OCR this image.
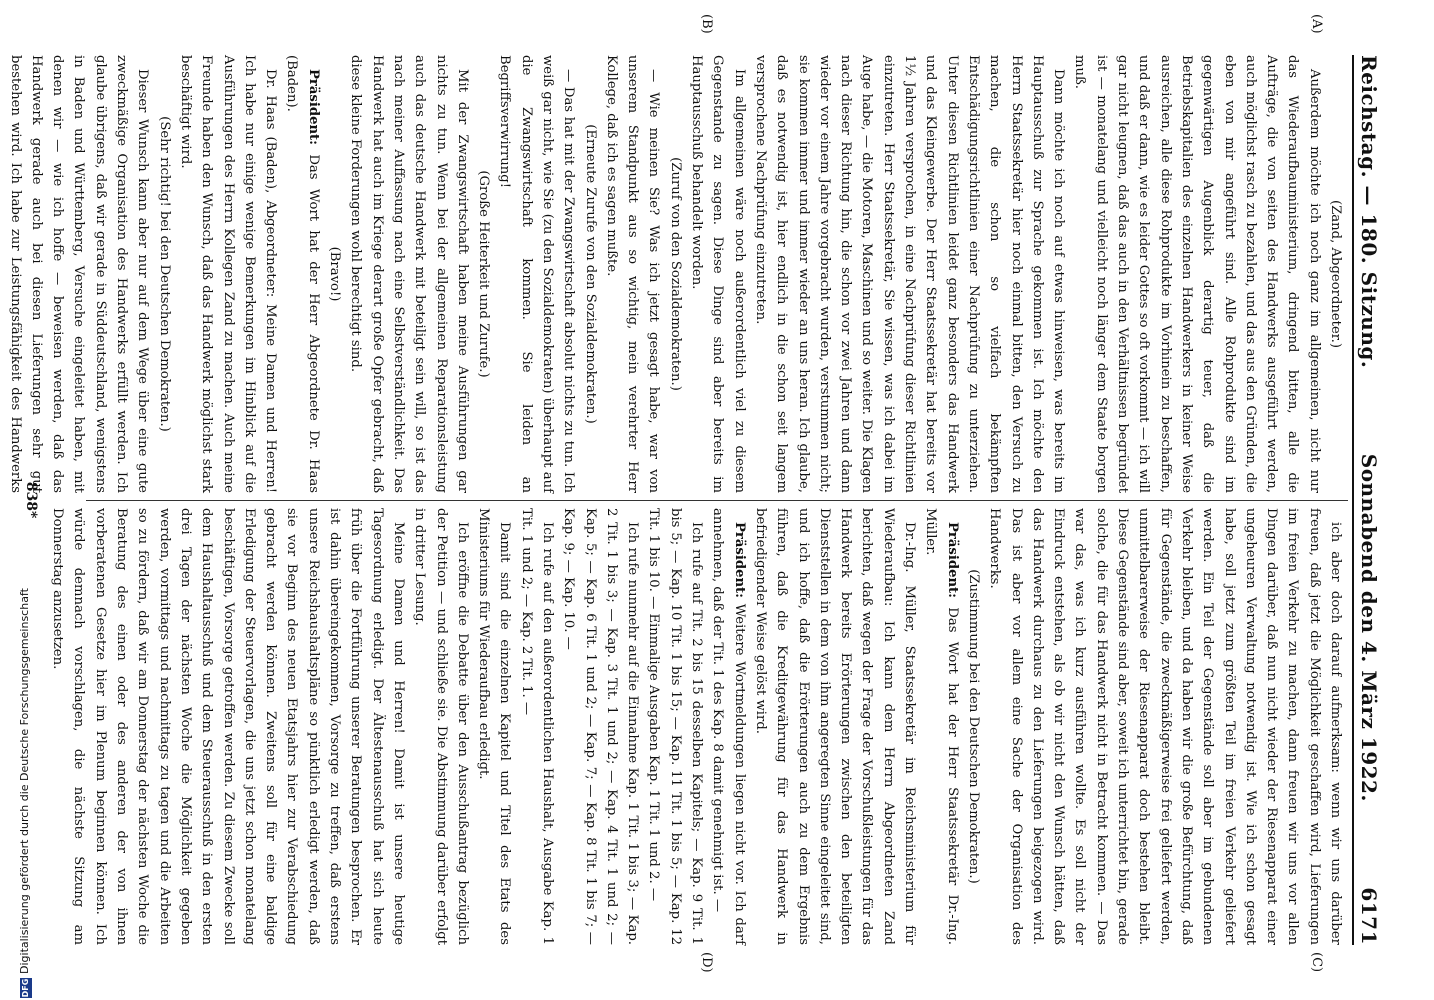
Reichstag. — 180. Sitzung.
Sonnabend den 4. März 1922.
6171
(A)
(B)
(C)
(D)

(Zand, Abgeordneter.)

Außerdem möchte ich noch ganz im allgemeinen, nicht nur das Wiederaufbauministerium, dringend bitten, alle die Aufträge, die von seiten des Handwerks ausgeführt werden, auch möglichst rasch zu bezahlen, und das aus den Gründen, die eben von mir angeführt sind. Alle Rohprodukte sind im gegenwärtigen Augenblick derartig teuer, daß die Betriebskapitalien des einzelnen Handwerkers in keiner Weise ausreichen, alle diese Rohprodukte im Vorhinein zu beschaffen, und daß er dann, wie es leider Gottes so oft vorkommt — ich will gar nicht leugnen, daß das auch in den Verhältnissen begründet ist — monatelang und vielleicht noch länger dem Staate borgen muß.

Dann möchte ich noch auf etwas hinweisen, was bereits im Hauptausschuß zur Sprache gekommen ist. Ich möchte den Herrn Staatssekretär hier noch einmal bitten, den Versuch zu machen, die schon so vielfach bekämpften Entschädigungsrichtlinien einer Nachprüfung zu unterziehen. Unter diesen Richtlinien leidet ganz besonders das Handwerk und das Kleingewerbe. Der Herr Staatssekretär hat bereits vor 1½ Jahren versprochen, in eine Nachprüfung dieser Richtlinien einzutreten. Herr Staatssekretär, Sie wissen, was ich dabei im Auge habe, — die Motoren, Maschinen und so weiter. Die Klagen nach dieser Richtung hin, die schon vor zwei Jahren und dann wieder vor einem Jahre vorgebracht wurden, verstummen nicht; sie kommen immer und immer wieder an uns heran. Ich glaube, daß es notwendig ist, hier endlich in die schon seit langem versprochene Nachprüfung einzutreten.

Im allgemeinen wäre noch außerordentlich viel zu diesem Gegenstande zu sagen. Diese Dinge sind aber bereits im Hauptausschuß behandelt worden.

(Zuruf von den Sozialdemokraten.)

— Wie meinen Sie? Was ich jetzt gesagt habe, war von unserem Standpunkt aus so wichtig, mein verehrter Herr Kollege, daß ich es sagen mußte.

(Erneute Zurufe von den Sozialdemokraten.)

— Das hat mit der Zwangswirtschaft absolut nichts zu tun. Ich weiß gar nicht, wie Sie (zu den Sozialdemokraten) überhaupt auf die Zwangswirtschaft kommen. Sie leiden an Begriffsverwirrung!

(Große Heiterkeit und Zurufe.)

Mit der Zwangswirtschaft haben meine Ausführungen gar nichts zu tun. Wenn bei der allgemeinen Reparationsleistung auch das deutsche Handwerk mit beteiligt sein will, so ist das nach meiner Auffassung nach eine Selbstverständlichkeit. Das Handwerk hat auch im Kriege derart große Opfer gebracht, daß diese kleine Forderungen wohl berechtigt sind.

(Bravo!)

Präsident: Das Wort hat der Herr Abgeordnete Dr. Haas (Baden).

Dr. Haas (Baden), Abgeordneter: Meine Damen und Herren! Ich habe nur einige wenige Bemerkungen im Hinblick auf die Ausführungen des Herrn Kollegen Zand zu machen. Auch meine Freunde haben den Wunsch, daß das Handwerk möglichst stark beschäftigt wird.

(Sehr richtig! bei den Deutschen Demokraten.)

Dieser Wunsch kann aber nur auf dem Wege über eine gute zweckmäßige Organisation des Handwerks erfüllt werden. Ich glaube übrigens, daß wir gerade in Süddeutschland, wenigstens in Baden und Württemberg, Versuche eingeleitet haben, mit denen wir — wie ich hoffe — beweisen werden, daß das Handwerk gerade auch bei diesen Lieferungen sehr gut bestehen wird. Ich habe zur Leistungsfähigkeit des Handwerks

ich aber doch darauf aufmerksam: wenn wir uns darüber freuen, daß jetzt die Möglichkeit geschaffen wird, Lieferungen im freien Verkehr zu machen, dann freuen wir uns vor allen Dingen darüber, daß nun nicht wieder der Riesenapparat einer ungeheuren Verwaltung notwendig ist. Wie ich schon gesagt habe, soll jetzt zum größten Teil im freien Verkehr geliefert werden. Ein Teil der Gegenstände soll aber im gebundenen Verkehr bleiben, und da haben wir die große Befürchtung, daß für Gegenstände, die zweckmäßigerweise frei geliefert werden, unmittelbarerweise der Riesenapparat doch bestehen bleibt. Diese Gegenstände sind aber, soweit ich unterrichtet bin, gerade solche, die für das Handwerk nicht in Betracht kommen. — Das war das, was ich kurz ausführen wollte. Es soll nicht der Eindruck entstehen, als ob wir nicht den Wunsch hätten, daß das Handwerk durchaus zu den Lieferungen beigezogen wird. Das ist aber vor allem eine Sache der Organisation des Handwerks.

(Zustimmung bei den Deutschen Demokraten.)

Präsident: Das Wort hat der Herr Staatssekretär Dr.-Ing. Müller.

Dr.-Ing. Müller, Staatssekretär im Reichsministerium für Wiederaufbau: Ich kann dem Herrn Abgeordneten Zand berichten, daß wegen der Frage der Vorschußleistungen für das Handwerk bereits Erörterungen zwischen den beteiligten Dienststellen in dem von ihm angeregten Sinne eingeleitet sind, und ich hoffe, daß die Erörterungen auch zu dem Ergebnis führen, daß die Kreditgewährung für das Handwerk in befriedigender Weise gelöst wird.

Präsident: Weitere Wortmeldungen liegen nicht vor. Ich darf annehmen, daß der Tit. 1 des Kap. 8 damit genehmigt ist. —

Ich rufe auf Tit. 2 bis 15 desselben Kapitels; — Kap. 9 Tit. 1 bis 5; — Kap. 10 Tit. 1 bis 15; — Kap. 11 Tit. 1 bis 5; — Kap. 12 Tit. 1 bis 10. — Einmalige Ausgaben Kap. 1 Tit. 1 und 2. —

Ich rufe nunmehr auf die Einnahme Kap. 1 Tit. 1 bis 3; — Kap. 2 Tit. 1 bis 3; — Kap. 3 Tit. 1 und 2; — Kap. 4 Tit. 1 und 2; — Kap. 5; — Kap. 6 Tit. 1 und 2; — Kap. 7; — Kap. 8 Tit. 1 bis 7; — Kap. 9; — Kap. 10. —

Ich rufe auf den außerordentlichen Haushalt, Ausgabe Kap. 1 Tit. 1 und 2; — Kap. 2 Tit. 1. —

Damit sind die einzelnen Kapitel und Titel des Etats des Ministeriums für Wiederaufbau erledigt.

Ich eröffne die Debatte über den Ausschußantrag bezüglich der Petition — und schließe sie. Die Abstimmung darüber erfolgt in dritter Lesung.

Meine Damen und Herren! Damit ist unsere heutige Tagesordnung erledigt. Der Ältestenausschuß hat sich heute früh über die Fortführung unserer Beratungen besprochen. Er ist dahin übereingekommen, Vorsorge zu treffen, daß erstens unsere Reichshaushaltspläne so pünktlich erledigt werden, daß sie vor Beginn des neuen Etatsjahrs hier zur Verabschiedung gebracht werden können. Zweitens soll für eine baldige Erledigung der Steuervorlagen, die uns jetzt schon monatelang beschäftigen, Vorsorge getroffen werden. Zu diesem Zwecke soll dem Haushaltausschuß und dem Steuerausschuß in den ersten drei Tagen der nächsten Woche die Möglichkeit gegeben werden, vormittags und nachmittags zu tagen und die Arbeiten so zu fördern, daß wir am Donnerstag der nächsten Woche die Beratung des einen oder des anderen der von ihnen vorberatenen Gesetze hier im Plenum beginnen können. Ich würde demnach vorschlagen, die nächste Sitzung am Donnerstag anzusetzen.

838*
DFGDigitalisierung gefördert durch die Deutsche Forschungsgemeinschaft
